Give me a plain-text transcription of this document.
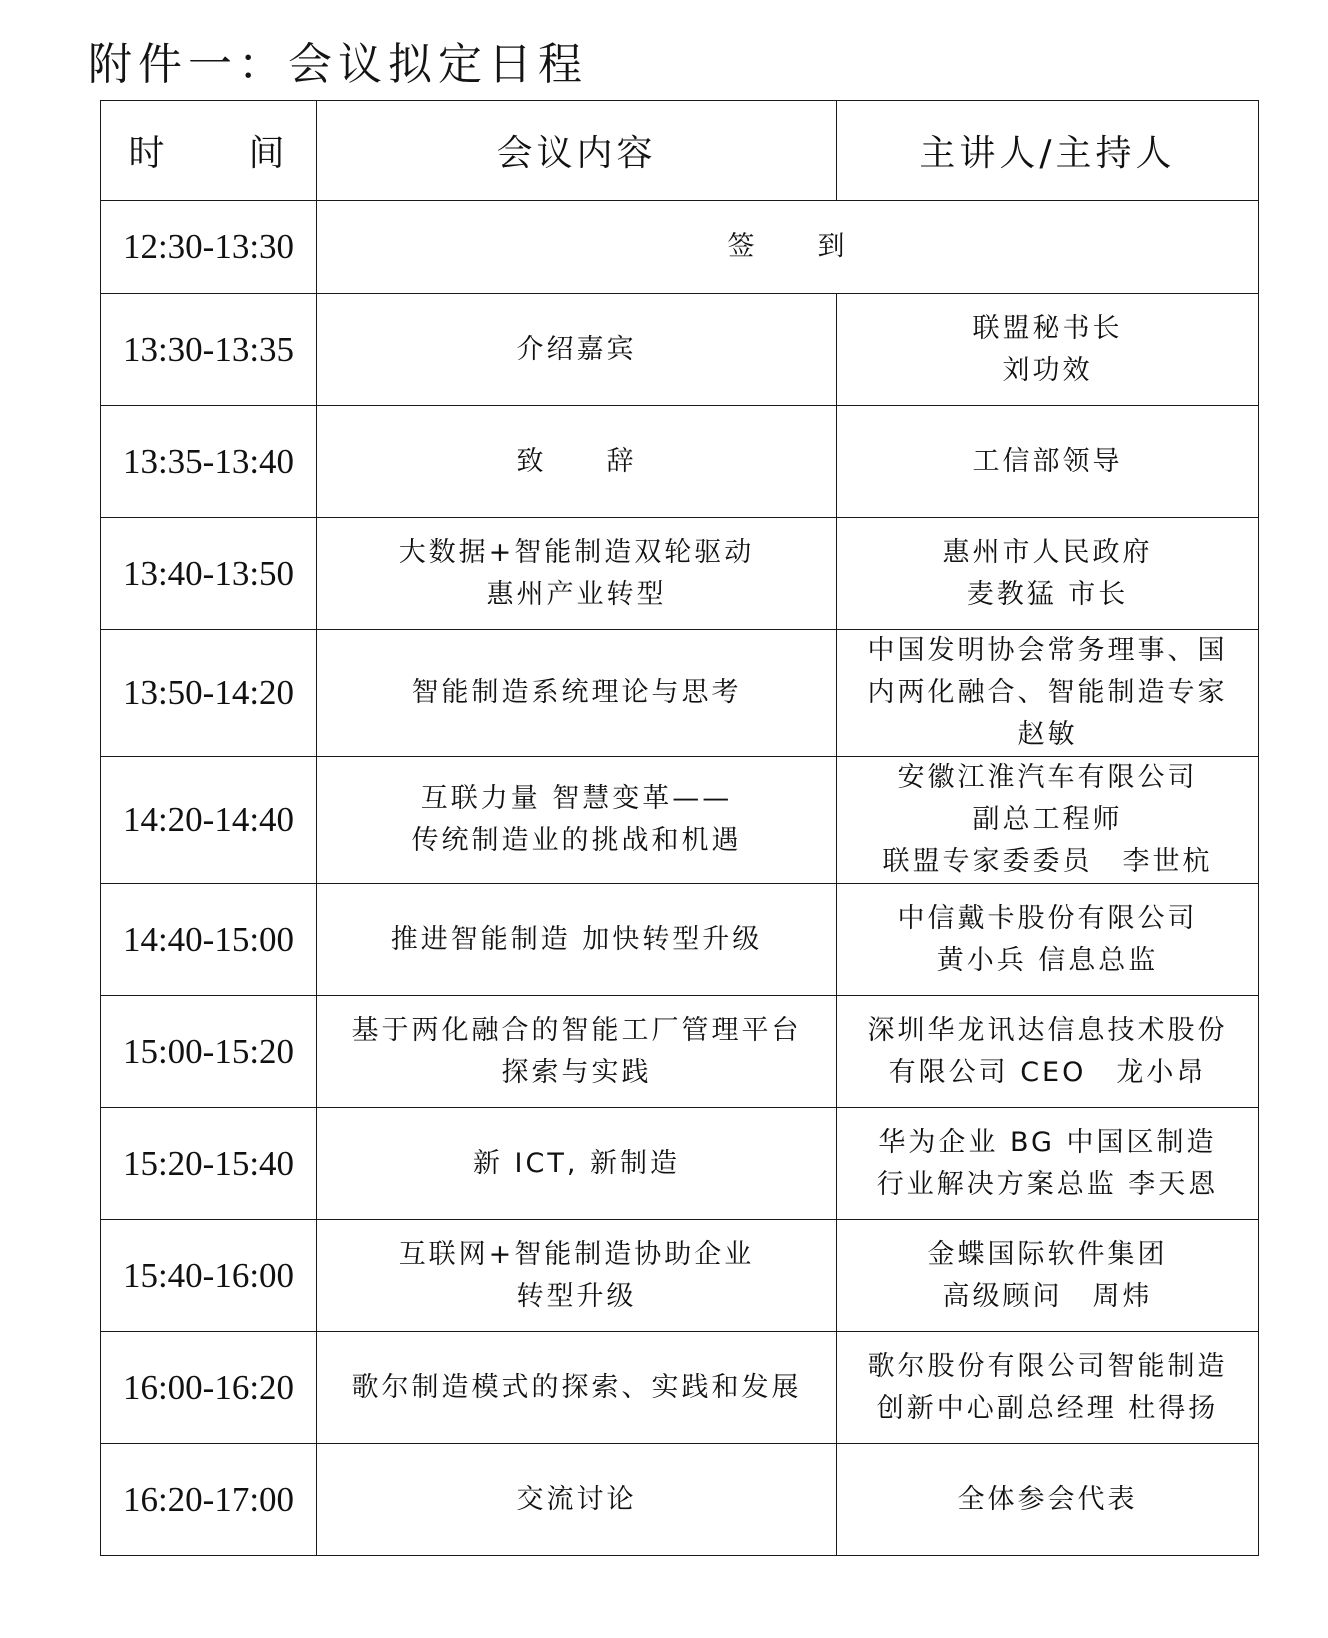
附件一：会议拟定日程
时　　间	会议内容	主讲人/主持人
12:30-13:30	签　　到	

13:30-13:35	介绍嘉宾	联盟秘书长
刘功效

13:35-13:40	致　　辞	工信部领导

13:40-13:50	大数据+智能制造双轮驱动
惠州产业转型	惠州市人民政府
麦教猛 市长

13:50-14:20	智能制造系统理论与思考	中国发明协会常务理事、国
内两化融合、智能制造专家
赵敏

14:20-14:40	互联力量 智慧变革——
传统制造业的挑战和机遇	安徽江淮汽车有限公司
副总工程师
联盟专家委委员　李世杭

14:40-15:00	推进智能制造 加快转型升级	中信戴卡股份有限公司
黄小兵 信息总监

15:00-15:20	基于两化融合的智能工厂管理平台
探索与实践	深圳华龙讯达信息技术股份
有限公司 CEO　龙小昂

15:20-15:40	新 ICT, 新制造	华为企业 BG 中国区制造
行业解决方案总监 李天恩

15:40-16:00	互联网+智能制造协助企业
转型升级	金蝶国际软件集团
高级顾问　周炜

16:00-16:20	歌尔制造模式的探索、实践和发展	歌尔股份有限公司智能制造
创新中心副总经理 杜得扬

16:20-17:00	交流讨论	全体参会代表
